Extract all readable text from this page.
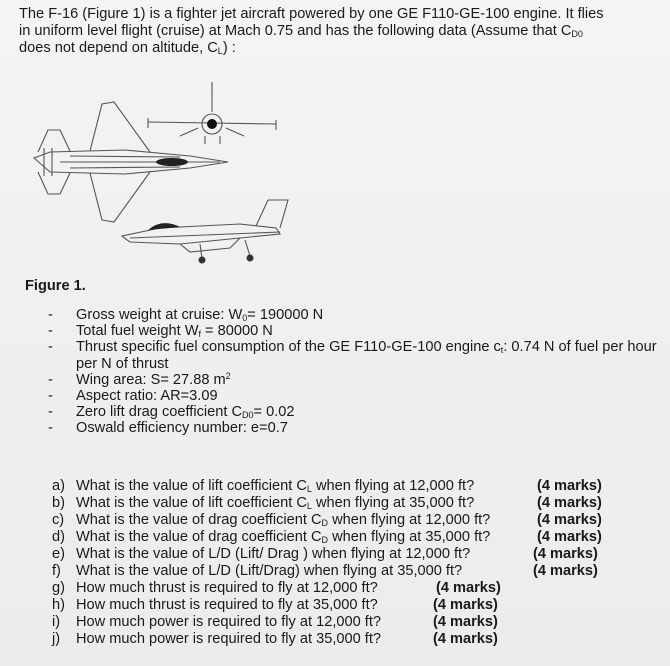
The F-16 (Figure 1) is a fighter jet aircraft powered by one GE F110-GE-100 engine. It flies
in uniform level flight (cruise) at Mach 0.75 and has the following data (Assume that $C_{D0}$
does not depend on altitude, $C_L$) :
Figure 1.
- Gross weight at cruise: $W_0= 190000$ N
- Total fuel weight $W_f = 80000$ N
- Thrust specific fuel consumption of the GE F110-GE-100 engine $c_t$: 0.74 N of fuel per hour per N of thrust
- Wing area: S= 27.88 $m^2$
- Aspect ratio: AR=3.09
- Zero lift drag coefficient $C_{D0}= 0.02$
- Oswald efficiency number: e=0.7
a) What is the value of lift coefficient $C_L$ when flying at 12,000 ft?	(4 marks)
b) What is the value of lift coefficient $C_L$ when flying at 35,000 ft?	(4 marks)
c) What is the value of drag coefficient $C_D$ when flying at 12,000 ft?	(4 marks)
d) What is the value of drag coefficient $C_D$ when flying at 35,000 ft?	(4 marks)
e) What is the value of L/D (Lift/ Drag ) when flying at 12,000 ft?	(4 marks)
f) What is the value of L/D (Lift/Drag) when flying at 35,000 ft?	(4 marks)
g) How much thrust is required to fly at 12,000 ft?	(4 marks)
h) How much thrust is required to fly at 35,000 ft?	(4 marks)
i) How much power is required to fly at 12,000 ft?	(4 marks)
j) How much power is required to fly at 35,000 ft?	(4 marks)
